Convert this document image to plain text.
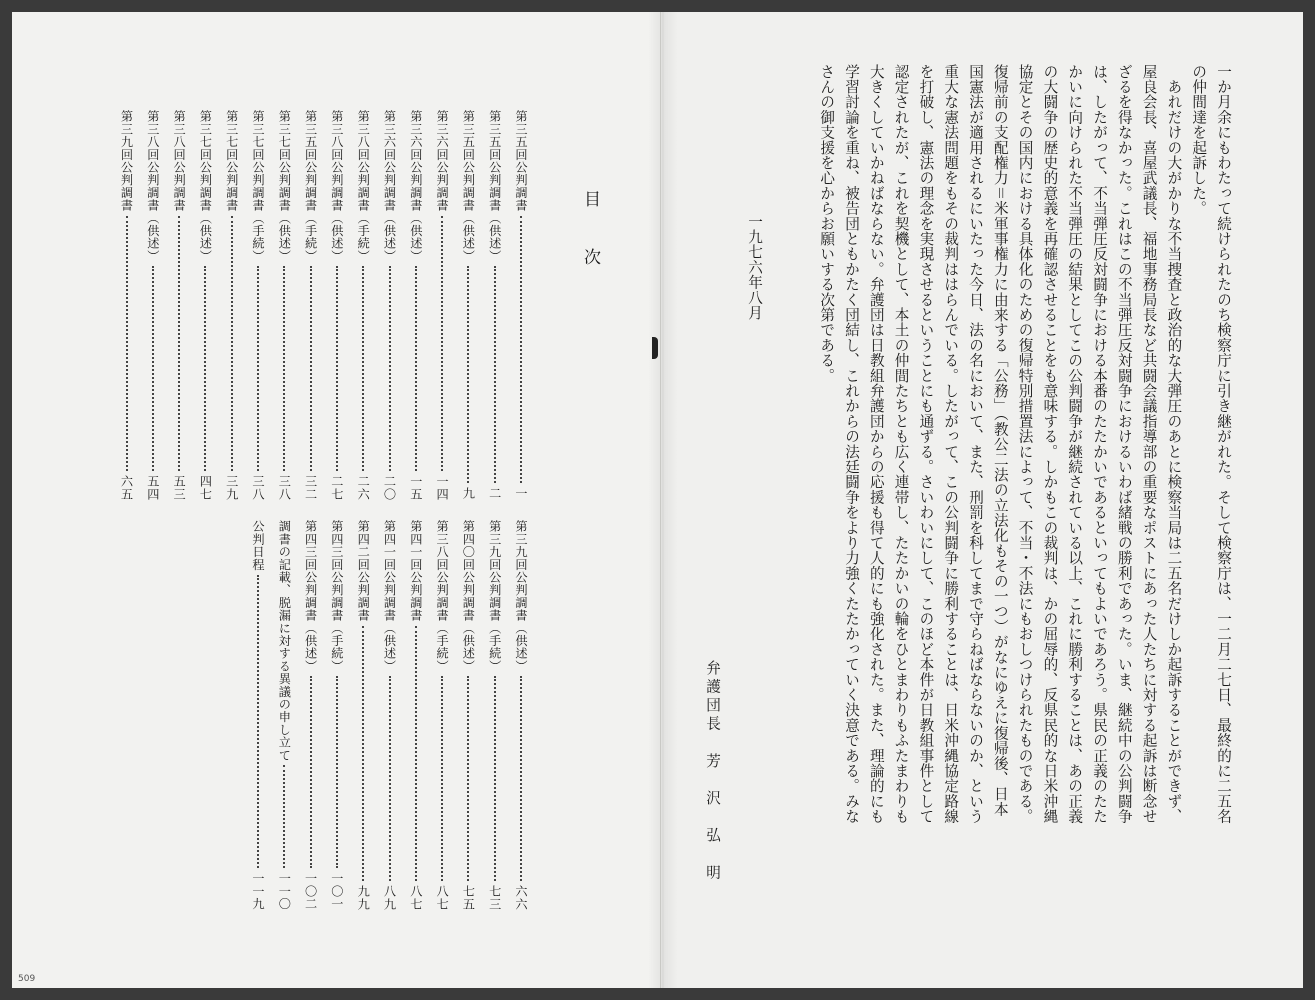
目　次
第三五回公判調書
一
第三五回公判調書（供述）
二
第三五回公判調書（供述）
九
第三六回公判調書
一四
第三六回公判調書（供述）
一五
第三六回公判調書（供述）
二〇
第三八回公判調書（手続）
二六
第三八回公判調書（供述）
二七
第三五回公判調書（手続）
三二
第三七回公判調書（供述）
三八
第三七回公判調書（手続）
三八
第三七回公判調書
三九
第三七回公判調書（供述）
四七
第三八回公判調書
五三
第三八回公判調書（供述）
五四
第三九回公判調書
六五
第三九回公判調書（供述）
六六
第三九回公判調書（手続）
七三
第四〇回公判調書（供述）
七五
第三八回公判調書（手続）
八七
第四一回公判調書
八七
第四一回公判調書（供述）
八九
第四二回公判調書
九九
第四三回公判調書（手続）
一〇一
第四三回公判調書（供述）
一〇二
調書の記載、脱漏に対する異議の申し立て
一一〇
公判日程
一一九
一か月余にもわたって続けられたのち検察庁に引き継がれた。そして検察庁は、一二月二七日、最終的に二五名
の仲間達を起訴した。
　あれだけの大がかりな不当捜査と政治的な大弾圧のあとに検察当局は二五名だけしか起訴することができず、
屋良会長、喜屋武議長、福地事務局長など共闘会議指導部の重要なポストにあった人たちに対する起訴は断念せ
ざるを得なかった。これはこの不当弾圧反対闘争におけるいわば緒戦の勝利であった。いま、継続中の公判闘争
は、したがって、不当弾圧反対闘争における本番のたたかいであるといってもよいであろう。県民の正義のたた
かいに向けられた不当弾圧の結果としてこの公判闘争が継続されている以上、これに勝利することは、あの正義
の大闘争の歴史的意義を再確認させることをも意味する。しかもこの裁判は、かの屈辱的、反県民的な日米沖縄
協定とその国内における具体化のための復帰特別措置法によって、不当・不法にもおしつけられたものである。
復帰前の支配権力＝米軍事権力に由来する「公務」（教公二法の立法化もその一つ）がなにゆえに復帰後、日本
国憲法が適用されるにいたった今日、法の名において、また、刑罰を科してまで守らねばならないのか、という
重大な憲法問題をもその裁判ははらんでいる。したがって、この公判闘争に勝利することは、日米沖縄協定路線
を打破し、憲法の理念を実現させるということにも通ずる。さいわいにして、このほど本件が日教組事件として
認定されたが、これを契機として、本土の仲間たちとも広く連帯し、たたかいの輪をひとまわりもふたまわりも
大きくしていかねばならない。弁護団は日教組弁護団からの応援も得て人的にも強化された。また、理論的にも
学習討論を重ね、被告団ともかたく団結し、これからの法廷闘争をより力強くたたかっていく決意である。みな
さんの御支援を心からお願いする次第である。
一九七六年八月
弁護団長　芳　沢　弘　明
509
